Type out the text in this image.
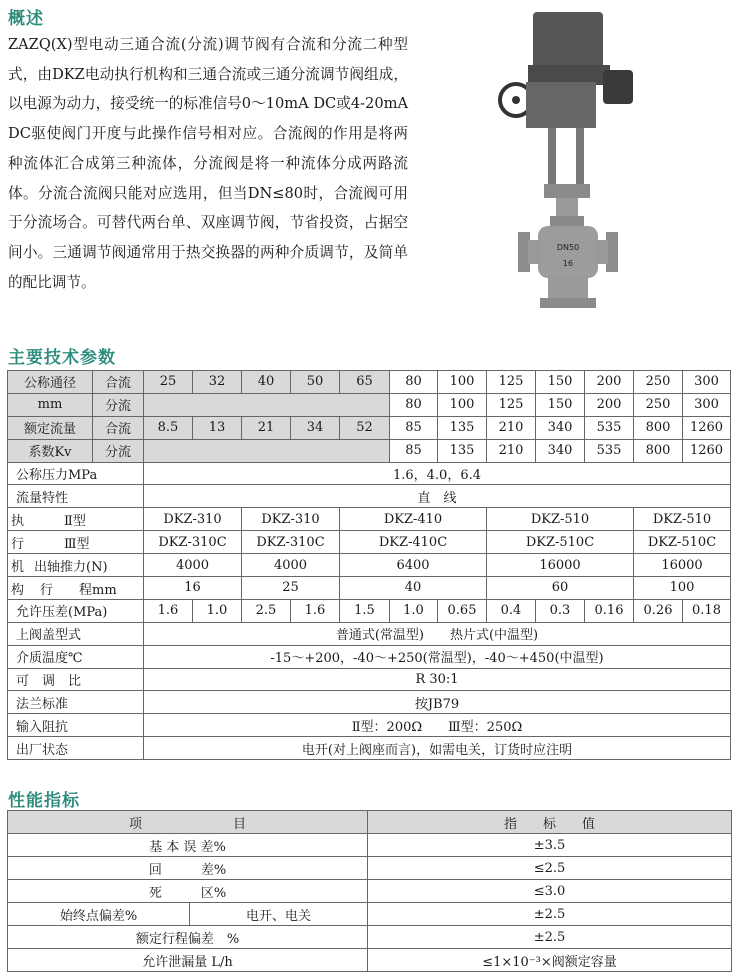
概述
ZAZQ(X)型电动三通合流(分流)调节阀有合流和分流二种型式，由DKZ电动执行机构和三通合流或三通分流调节阀组成，以电源为动力，接受统一的标准信号0～10mA DC或4-20mA DC驱使阀门开度与此操作信号相对应。合流阀的作用是将两种流体汇合成第三种流体，分流阀是将一种流体分成两路流体。分流合流阀只能对应选用，但当DN≤80时，合流阀可用于分流场合。可替代两台单、双座调节阀，节省投资，占据空间小。三通调节阀通常用于热交换器的两种介质调节，及简单的配比调节。
DN50
16
主要技术参数
公称通径	合流	25	32	40	50	65	80	100	125	150	200	250	300
mm	分流						80	100	125	150	200	250	300
额定流量	合流	8.5	13	21	34	52	85	135	210	340	535	800	1260
系数Kv	分流						85	135	210	340	535	800	1260
公称压力MPa		1.6，4.0，6.4											
流量特性		直　线											

执 Ⅱ型		DKZ-310		DKZ-310		DKZ-410			DKZ-510			DKZ-510	

行 Ⅲ型		DKZ-310C		DKZ-310C		DKZ-410C			DKZ-510C			DKZ-510C	

机 出轴推力(N)		4000		4000		6400			16000			16000	

构 行　　程mm		16		25		40			60			100	
允许压差(MPa)		1.6	1.0	2.5	1.6	1.5	1.0	0.65	0.4	0.3	0.16	0.26	0.18
上阀盖型式		普通式(常温型)　　热片式(中温型)											
介质温度℃		-15～+200，-40～+250(常温型)，-40～+450(中温型)											
可　调　比		R 30:1											
法兰标准		按JB79											
输入阻抗		Ⅱ型：200Ω　　Ⅲ型：250Ω											
出厂状态		电开(对上阀座而言)，如需电关，订货时应注明											
性能指标
项　　　　　　　目		指　　标　　值
基 本 误 差%		±3.5
回　　　差%		≤2.5
死　　　区%		≤3.0
始终点偏差%	电开、电关	±2.5
额定行程偏差　%		±2.5
允许泄漏量 L/h		≤1×10⁻³×阀额定容量
